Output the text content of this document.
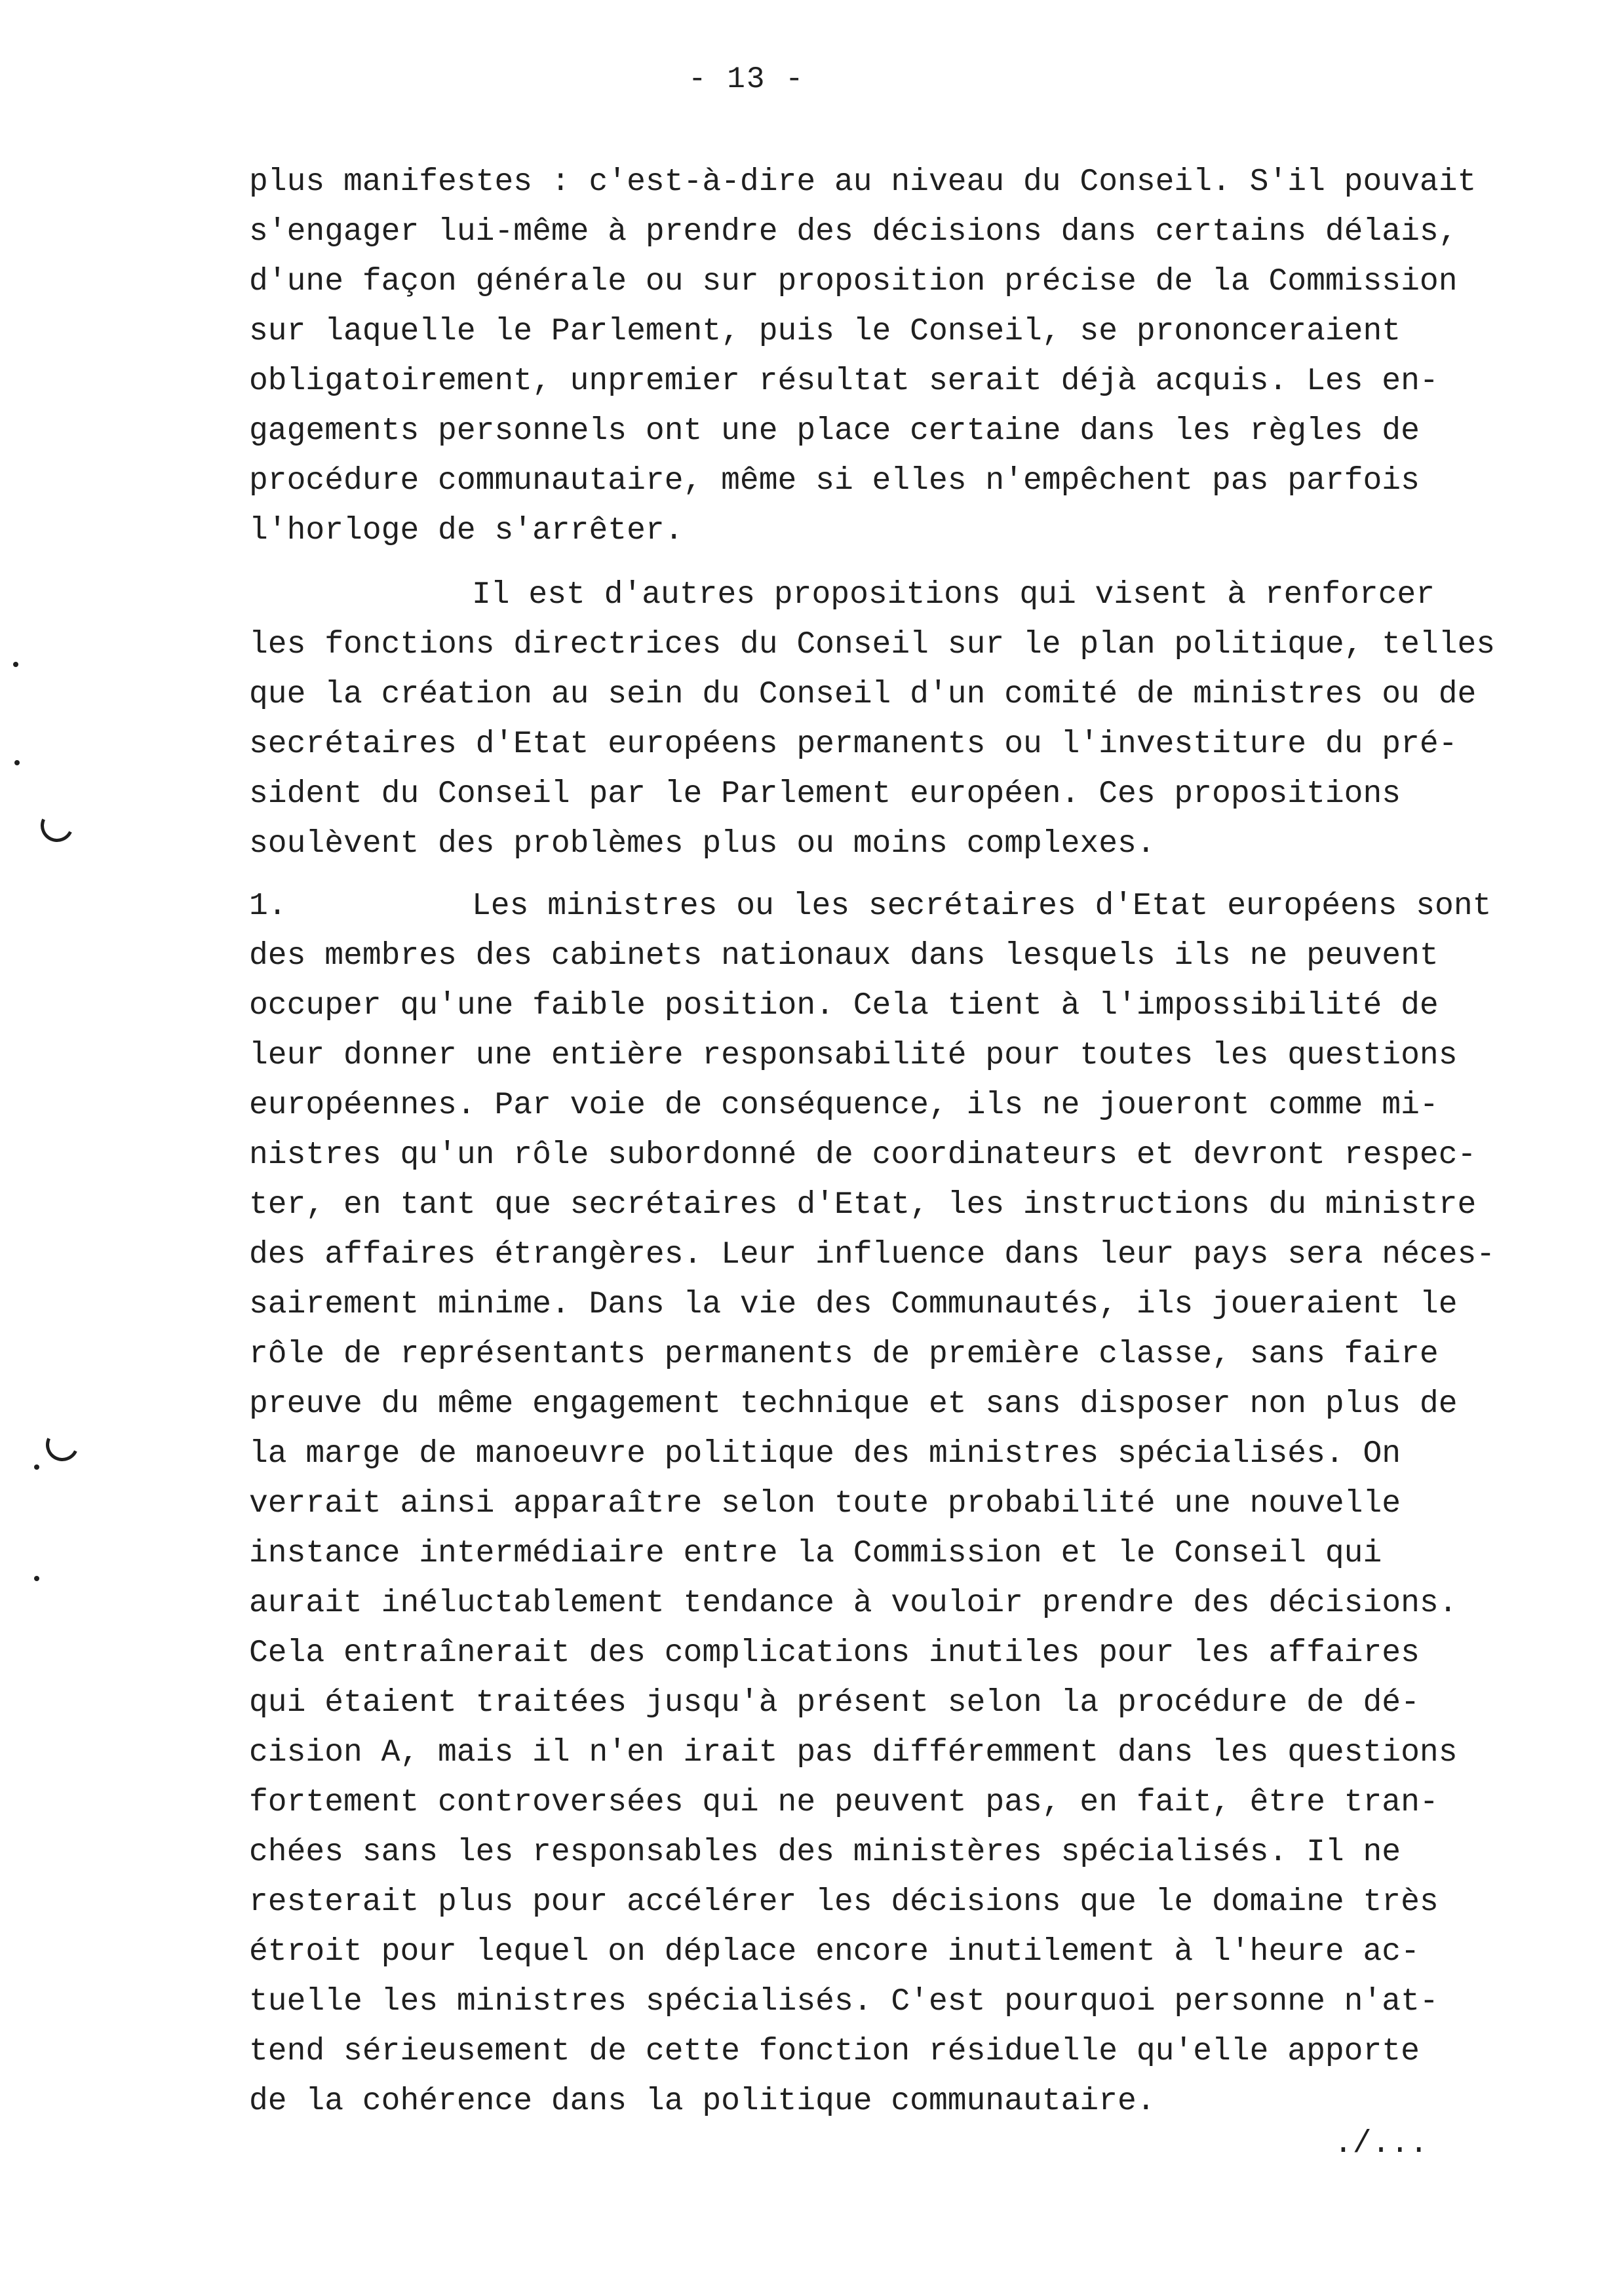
- 13 -
plus manifestes : c'est-à-dire au niveau du Conseil. S'il pouvait
s'engager lui-même à prendre des décisions dans certains délais,
d'une façon générale ou sur proposition précise de la Commission
sur laquelle le Parlement, puis le Conseil, se prononceraient
obligatoirement, unpremier résultat serait déjà acquis. Les en-
gagements personnels ont une place certaine dans les règles de
procédure communautaire, même si elles n'empêchent pas parfois
l'horloge de s'arrêter.
Il est d'autres propositions qui visent à renforcer
les fonctions directrices du Conseil sur le plan politique, telles
que la création au sein du Conseil d'un comité de ministres ou de
secrétaires d'Etat européens permanents ou l'investiture du pré-
sident du Conseil par le Parlement européen. Ces propositions
soulèvent des problèmes plus ou moins complexes.
1.	Les ministres ou les secrétaires d'Etat européens sont
des membres des cabinets nationaux dans lesquels ils ne peuvent
occuper qu'une faible position. Cela tient à l'impossibilité de
leur donner une entière responsabilité pour toutes les questions
européennes. Par voie de conséquence, ils ne joueront comme mi-
nistres qu'un rôle subordonné de coordinateurs et devront respec-
ter, en tant que secrétaires d'Etat, les instructions du ministre
des affaires étrangères. Leur influence dans leur pays sera néces-
sairement minime. Dans la vie des Communautés, ils joueraient le
rôle de représentants permanents de première classe, sans faire
preuve du même engagement technique et sans disposer non plus de
la marge de manoeuvre politique des ministres spécialisés. On
verrait ainsi apparaître selon toute probabilité une nouvelle
instance intermédiaire entre la Commission et le Conseil qui
aurait inéluctablement tendance à vouloir prendre des décisions.
Cela entraînerait des complications inutiles pour les affaires
qui étaient traitées jusqu'à présent selon la procédure de dé-
cision A, mais il n'en irait pas différemment dans les questions
fortement controversées qui ne peuvent pas, en fait, être tran-
chées sans les responsables des ministères spécialisés. Il ne
resterait plus pour accélérer les décisions que le domaine très
étroit pour lequel on déplace encore inutilement à l'heure ac-
tuelle les ministres spécialisés. C'est pourquoi personne n'at-
tend sérieusement de cette fonction résiduelle qu'elle apporte
de la cohérence dans la politique communautaire.
./...
